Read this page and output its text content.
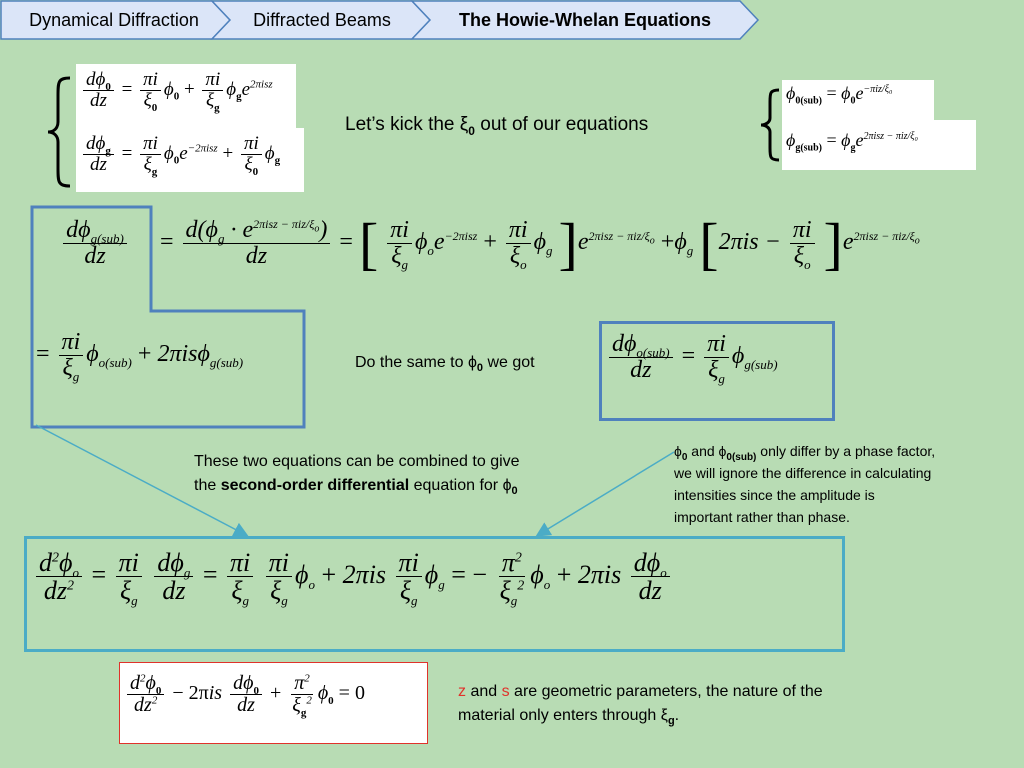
Dynamical Diffraction	Diffracted Beams	The Howie-Whelan Equations
$\frac{d\phi_0}{dz} = \frac{\pi i}{\xi_0} \phi_0 + \frac{\pi i}{\xi_g} \phi_ge^{2\pi isz}$
$\frac{d\phi_g}{dz} = \frac{\pi i}{\xi_g} \phi_0e^{-2\pi isz} + \frac{\pi i}{\xi_0} \phi_g$
Let’s kick the $\xi_0$ out of our equations
$\phi_{0(sub)} = \phi_0e^{-\pi iz/\xi_0}$
$\phi_{g(sub)} = \phi_ge^{2\pi isz - \pi iz/\xi_0}$
$\frac{d\phi_{g(sub)}}{dz} = \frac{d(\phi_g \cdot e^{2\pi isz - \pi iz/\xi_o})}{dz}$ = [ $\frac{\pi i}{\xi_g} \phi_oe^{-2\pi isz} + \frac{\pi i}{\xi_o} \phi_g$ ]$e^{2\pi isz - \pi iz/\xi_o} +\phi_g$ $[2\pi is - \frac{\pi i}{\xi_o} ]e^{2\pi isz - \pi iz/\xi_o}$
= $\frac{\pi i}{\xi_g} \phi_{o(sub)} + 2\pi is\phi_{g(sub)}$	Do the same to $\phi_0$ we got	$\frac{d\phi_{o(sub)}}{dz} = \frac{\pi i}{\xi_g} \phi_{g(sub)}$
These two equations can be combined to give
the second-order differential equation for $\phi_0$
$\phi_0$ and $\phi_{0(sub)}$ only differ by a phase factor,
we will ignore the difference in calculating
intensities since the amplitude is
important rather than phase.
$\frac{d^2\phi_o}{dz^2} = \frac{\pi i}{\xi_g}$
$\frac{d\phi_g}{dz} = \frac{\pi i}{\xi_g}$
$\frac{\pi i}{\xi_g} \phi_o + 2\pi is \frac{\pi i}{\xi_g} \phi_g$ = − $\frac{\pi^2}{\xi_g^2} \phi_o + 2\pi is \frac{d\phi_o}{dz}$
$\frac{d^2\phi_0}{dz^2} - 2\pi is \frac{d\phi_0}{dz} + \frac{\pi^2}{\xi_g^2} \phi_0 = 0$	z and s are geometric parameters, the nature of the
material only enters through $\xi_g$.
